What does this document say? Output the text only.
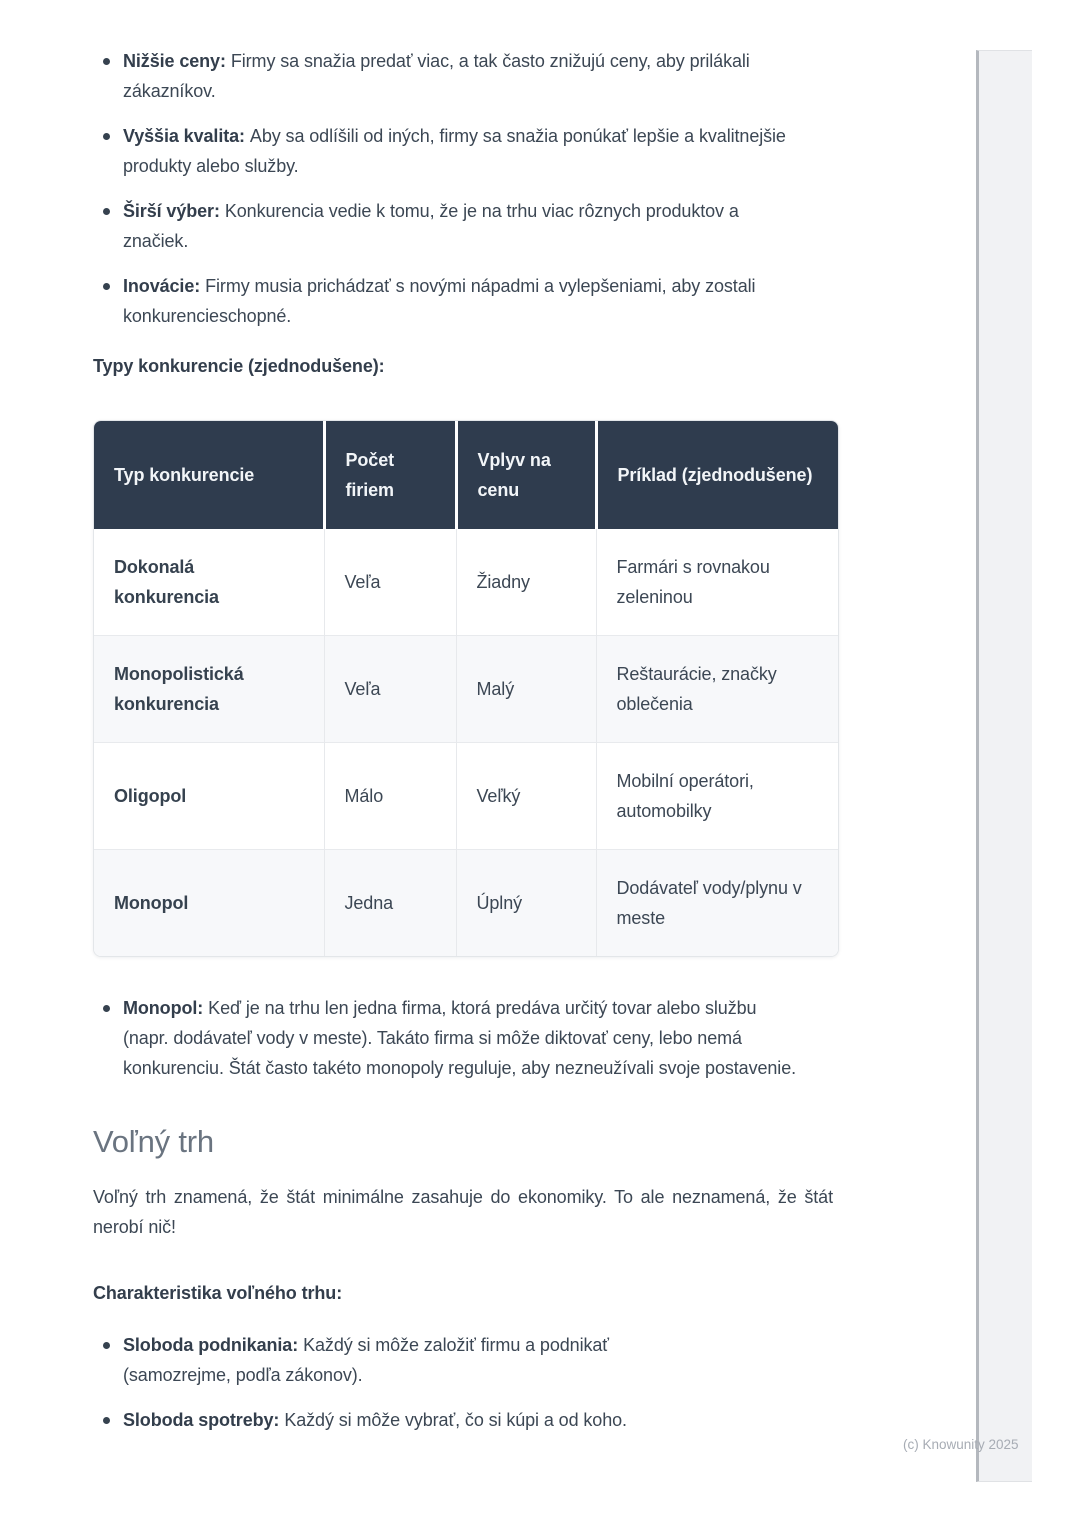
Nižšie ceny: Firmy sa snažia predať viac, a tak často znižujú ceny, aby prilákali zákazníkov.
Vyššia kvalita: Aby sa odlíšili od iných, firmy sa snažia ponúkať lepšie a kvalitnejšie produkty alebo služby.
Širší výber: Konkurencia vedie k tomu, že je na trhu viac rôznych produktov a značiek.
Inovácie: Firmy musia prichádzať s novými nápadmi a vylepšeniami, aby zostali konkurencieschopné.

Typy konkurencie (zjednodušene):

Typ konkurencie	Počet firiem	Vplyv na cenu	Príklad (zjednodušene)
Dokonalá konkurencia	Veľa	Žiadny	Farmári s rovnakou zeleninou
Monopolistická konkurencia	Veľa	Malý	Reštaurácie, značky oblečenia
Oligopol	Málo	Veľký	Mobilní operátori, automobilky
Monopol	Jedna	Úplný	Dodávateľ vody/plynu v meste
Monopol: Keď je na trhu len jedna firma, ktorá predáva určitý tovar alebo službu (napr. dodávateľ vody v meste). Takáto firma si môže diktovať ceny, lebo nemá konkurenciu. Štát často takéto monopoly reguluje, aby nezneužívali svoje postavenie.
Voľný trh

Voľný trh znamená, že štát minimálne zasahuje do ekonomiky. To ale neznamená, že štát nerobí nič!

Charakteristika voľného trhu:

Sloboda podnikania: Každý si môže založiť firmu a podnikať (samozrejme, podľa zákonov).
Sloboda spotreby: Každý si môže vybrať, čo si kúpi a od koho.
(c) Knowunity 2025
